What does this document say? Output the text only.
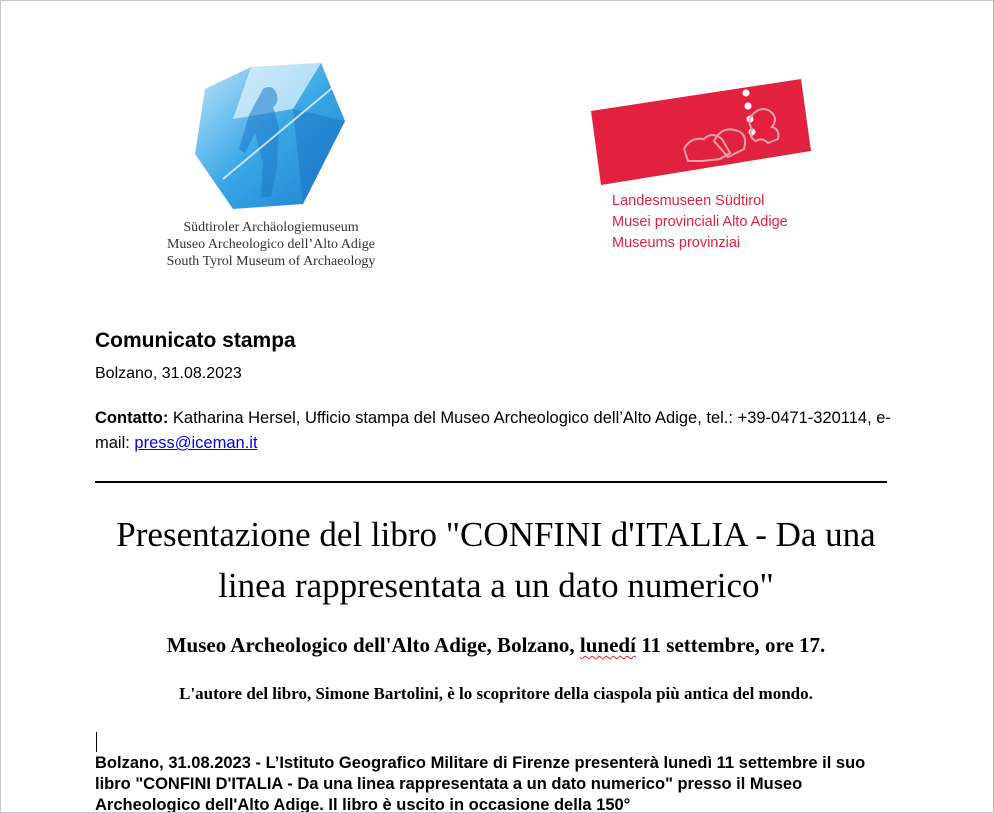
Südtiroler Archäologiemuseum
Museo Archeologico dell’Alto Adige
South Tyrol Museum of Archaeology
Landesmuseen Südtirol
Musei provinciali Alto Adige
Museums provinziai
Comunicato stampa
Bolzano, 31.08.2023
Contatto: Katharina Hersel, Ufficio stampa del Museo Archeologico dell’Alto Adige, tel.: +39-0471-320114, e-mail: press@iceman.it
Presentazione del libro "CONFINI d'ITALIA - Da una linea rappresentata a un dato numerico"
Museo Archeologico dell'Alto Adige, Bolzano, lunedí 11 settembre, ore 17.
L'autore del libro, Simone Bartolini, è lo scopritore della ciaspola più antica del mondo.
Bolzano, 31.08.2023 - L’Istituto Geografico Militare di Firenze presenterà lunedì 11 settembre il suo libro "CONFINI D'ITALIA - Da una linea rappresentata a un dato numerico" presso il Museo Archeologico dell'Alto Adige. Il libro è uscito in occasione della 150°
